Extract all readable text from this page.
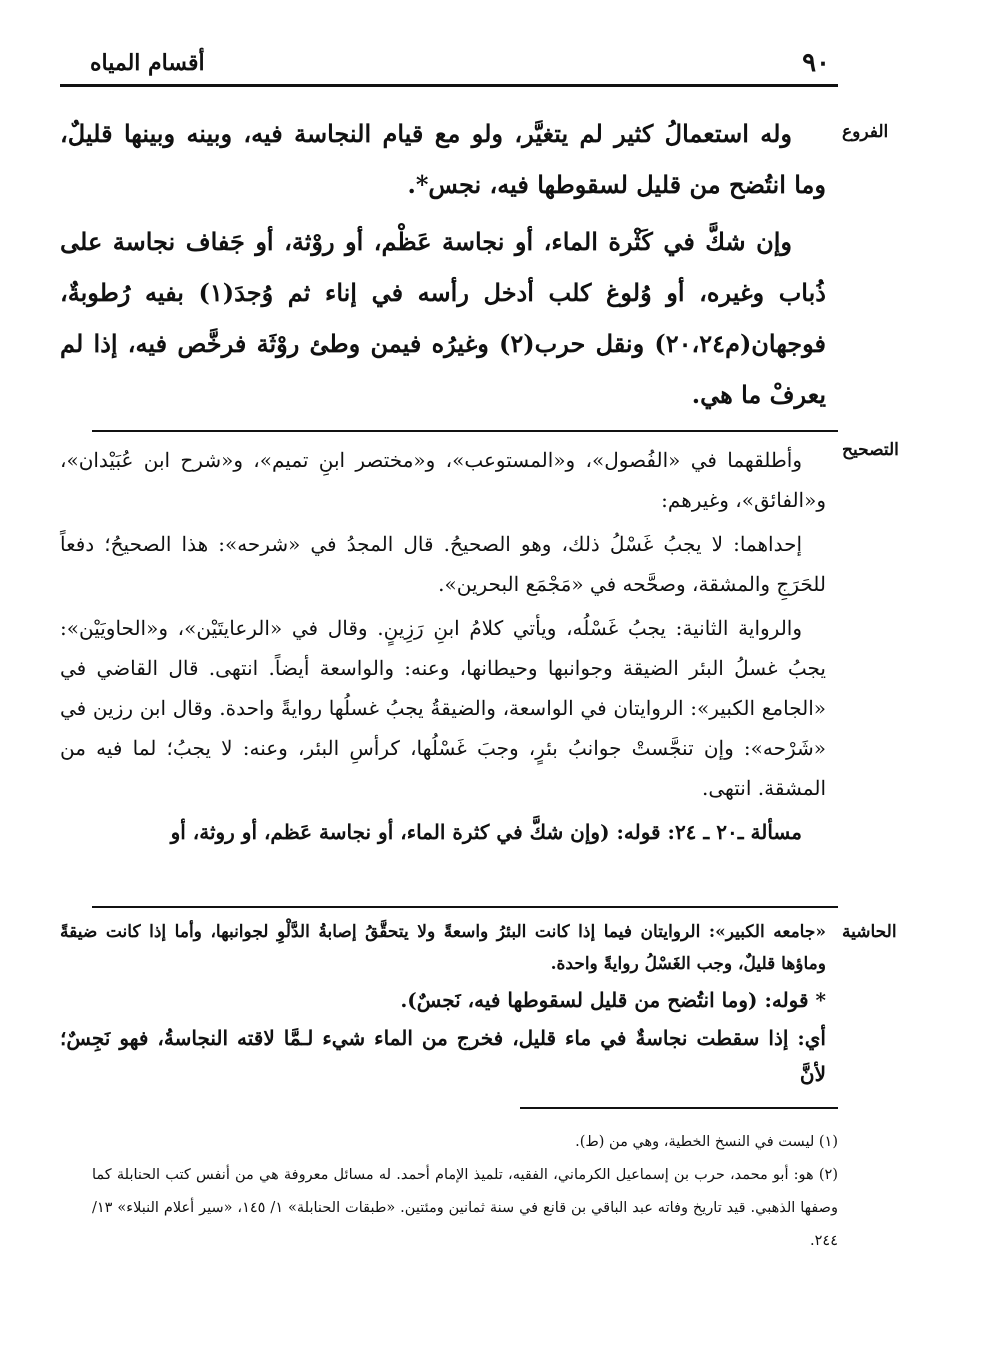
٩٠
أقسام المياه
الفروع

وله استعمالُ كثير لم يتغيَّر، ولو مع قيام النجاسة فيه، وبينه وبينها قليلٌ، وما انتُضح من قليل لسقوطها فيه، نجس*.

وإن شكَّ في كَثْرة الماء، أو نجاسة عَظْم، أو روْثة، أو جَفاف نجاسة على ذُباب وغيره، أو وُلوغ كلب أدخل رأسه في إناء ثم وُجدَ(١) بفيه رُطوبةٌ، فوجهان(م٢٠،٢٤) ونقل حرب(٢) وغيرُه فيمن وطئ روْثَة فرخَّص فيه، إذا لم يعرفْ ما هي.

التصحيح

وأطلقهما في «الفُصول»، و«المستوعب»، و«مختصر ابنِ تميم»، و«شرح ابن عُبَيْدان»، و«الفائق»، وغيرهم:

إحداهما: لا يجبُ غَسْلُ ذلك، وهو الصحيحُ. قال المجدُ في «شرحه»: هذا الصحيحُ؛ دفعاً للحَرَجِ والمشقة، وصحَّحه في «مَجْمَع البحرين».

والرواية الثانية: يجبُ غَسْلُه، ويأتي كلامُ ابنِ رَزِينٍ. وقال في «الرعايتَيْن»، و«الحاويَيْن»: يجبُ غسلُ البئر الضيقة وجوانبها وحيطانها، وعنه: والواسعة أيضاً. انتهى. قال القاضي في «الجامع الكبير»: الروايتان في الواسعة، والضيقةُ يجبُ غسلُها روايةً واحدة. وقال ابن رزين في «شَرْحه»: وإن تنجَّستْ جوانبُ بئرٍ، وجبَ غَسْلُها، كرأسِ البئر، وعنه: لا يجبُ؛ لما فيه من المشقة. انتهى.

مسألة ـ٢٠ ـ ٢٤: قوله: (وإن شكَّ في كثرة الماء، أو نجاسة عَظم، أو روثة، أو

الحاشية

«جامعه الكبير»: الروايتان فيما إذا كانت البئرُ واسعةً ولا يتحقَّقُ إصابةُ الدَّلْوِ لجوانبها، وأما إذا كانت ضيقةً وماؤها قليلٌ، وجب الغَسْلُ روايةً واحدة.

* قوله: (وما انتُضح من قليل لسقوطها فيه، نَجسٌ).

أي: إذا سقطت نجاسةٌ في ماء قليل، فخرج من الماء شيء لـمَّا لاقته النجاسةُ، فهو نَجِسٌ؛ لأنَّ

(١) ليست في النسخ الخطية، وهي من (ط).

(٢) هو: أبو محمد، حرب بن إسماعيل الكرماني، الفقيه، تلميذ الإمام أحمد. له مسائل معروفة هي من أنفس كتب الحنابلة كما وصفها الذهبي. قيد تاريخ وفاته عبد الباقي بن قانع في سنة ثمانين ومئتين. «طبقات الحنابلة» ١/ ١٤٥، «سير أعلام النبلاء» ١٣/ ٢٤٤.
